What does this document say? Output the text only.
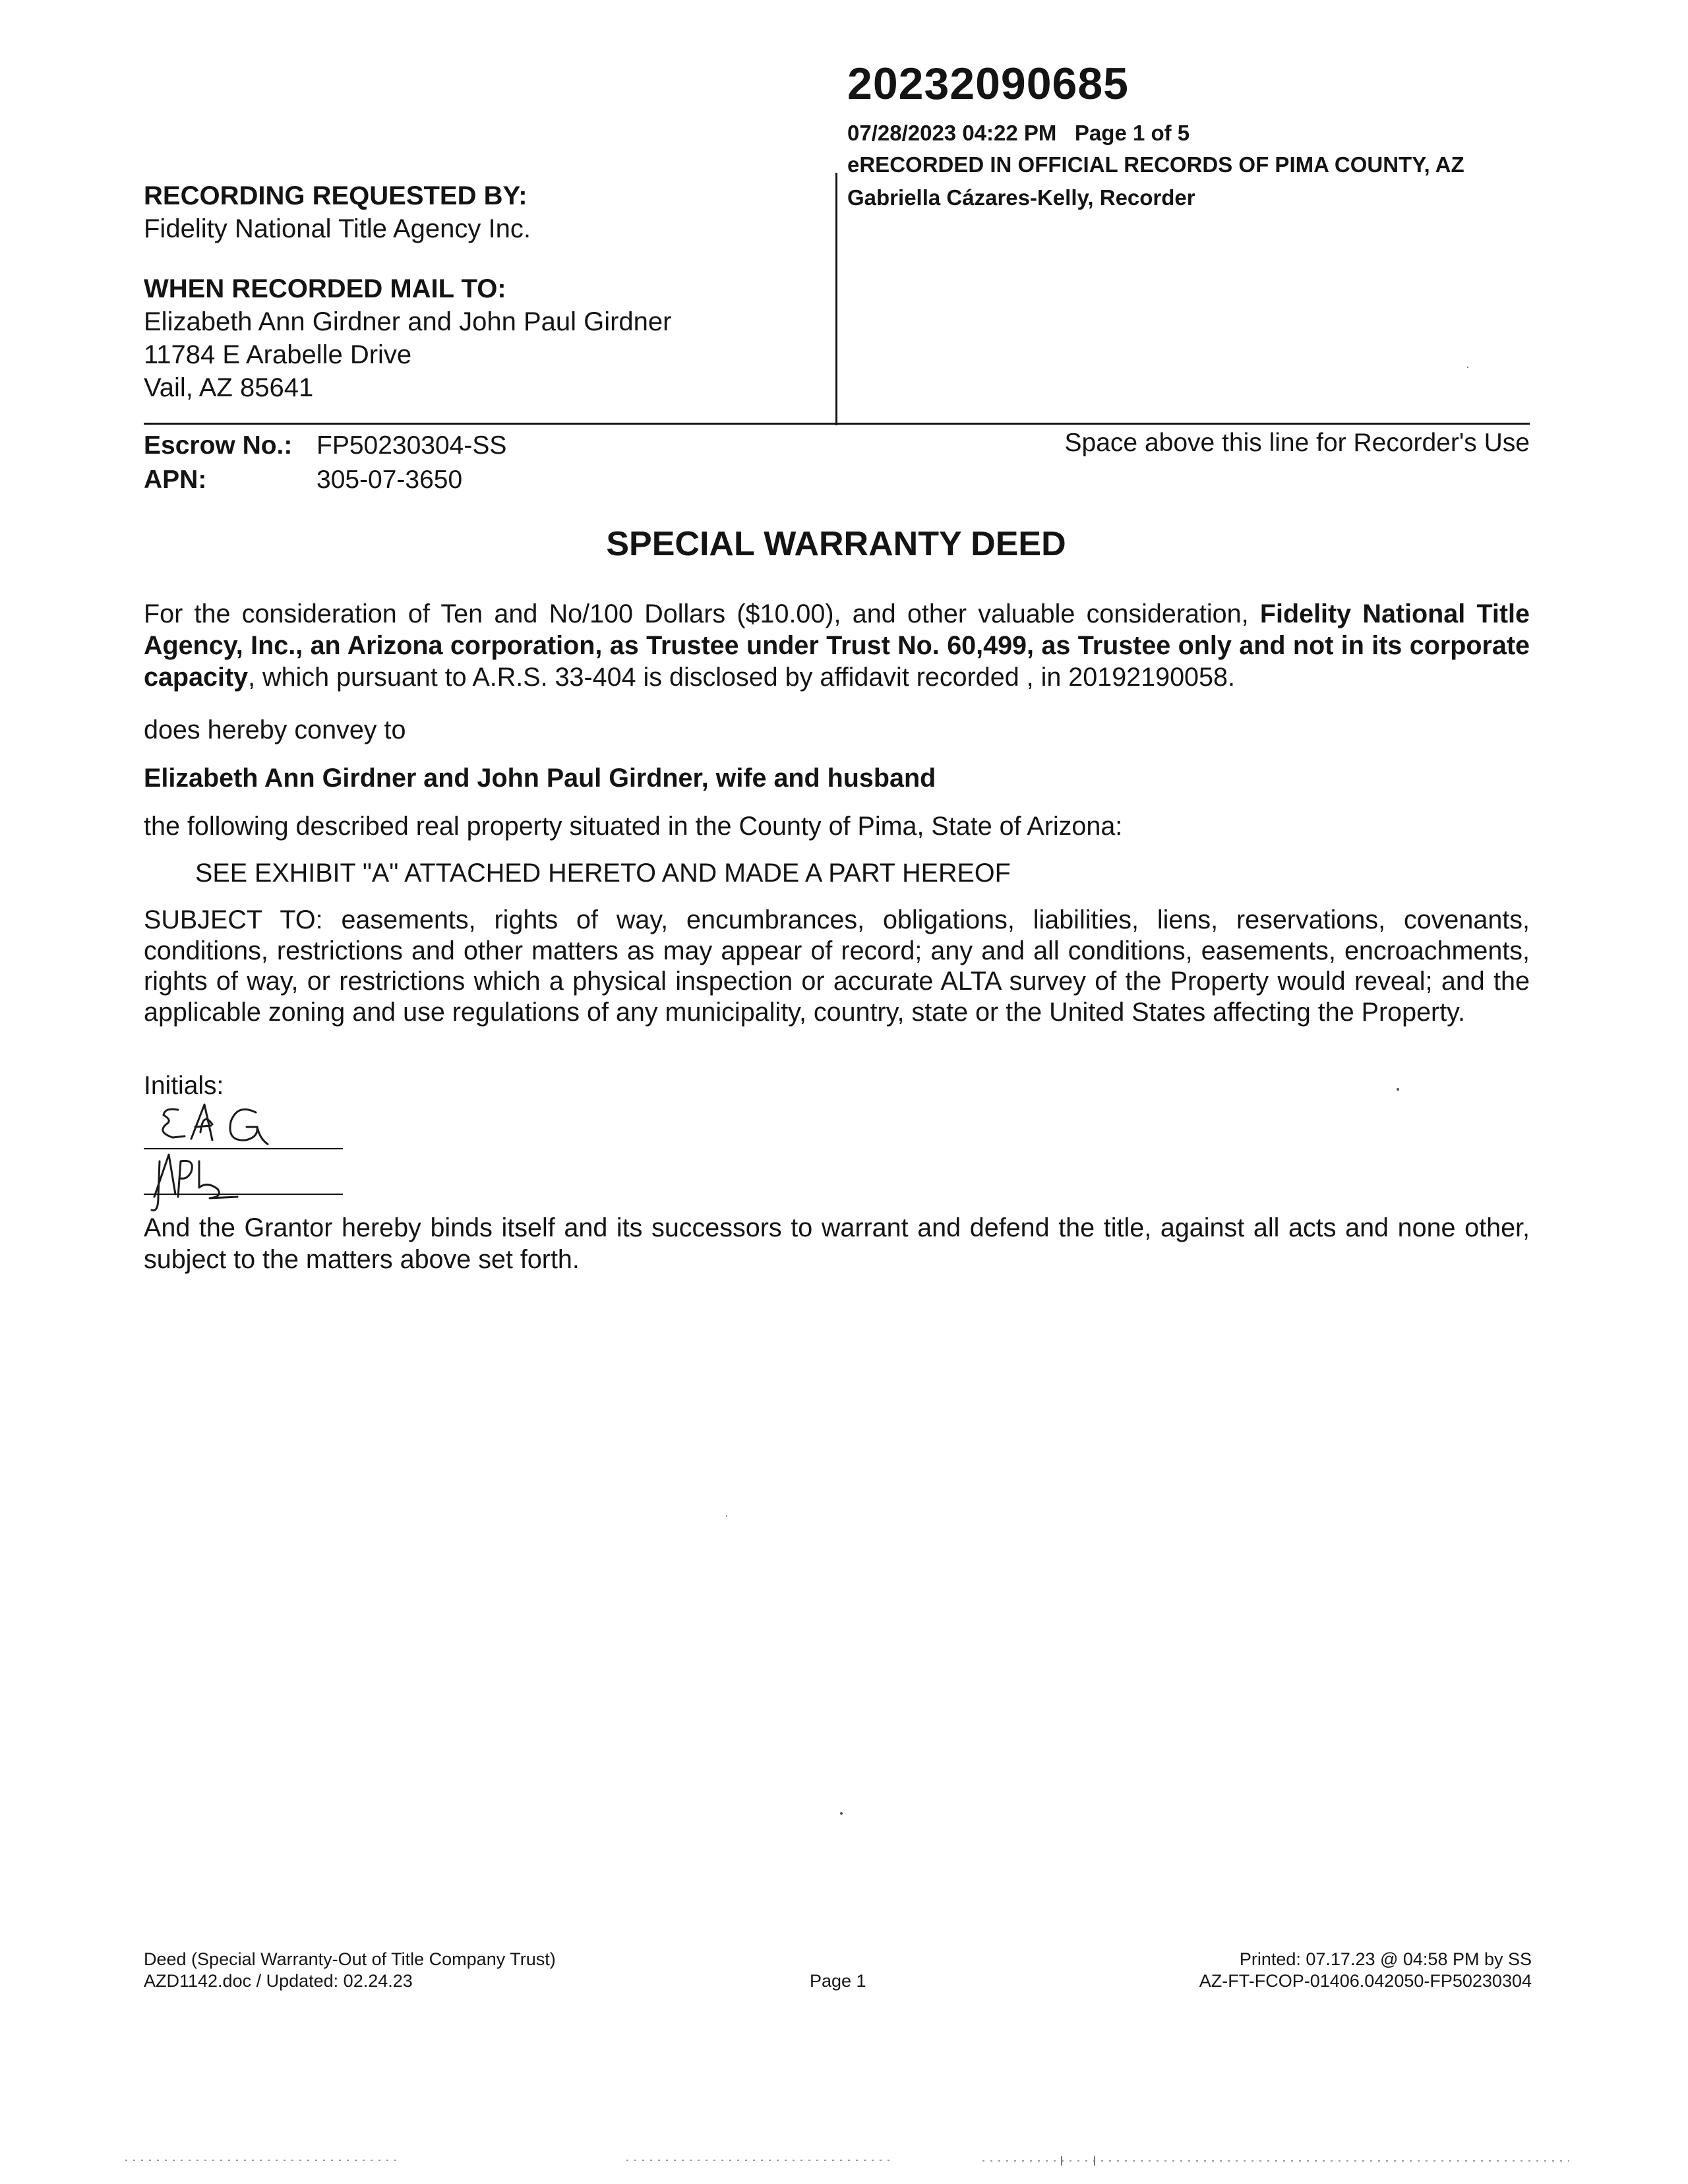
20232090685
07/28/2023 04:22 PM Page 1 of 5
eRECORDED IN OFFICIAL RECORDS OF PIMA COUNTY, AZ
Gabriella Cázares-Kelly, Recorder
RECORDING REQUESTED BY:
Fidelity National Title Agency Inc.
WHEN RECORDED MAIL TO:
Elizabeth Ann Girdner and John Paul Girdner
11784 E Arabelle Drive
Vail, AZ 85641
Escrow No.: FP50230304-SS
APN:	305-07-3650
Space above this line for Recorder's Use
SPECIAL WARRANTY DEED
For the consideration of Ten and No/100 Dollars ($10.00), and other valuable consideration, Fidelity National Title Agency, Inc., an Arizona corporation, as Trustee under Trust No. 60,499, as Trustee only and not in its corporate capacity, which pursuant to A.R.S. 33-404 is disclosed by affidavit recorded , in 20192190058.
does hereby convey to
Elizabeth Ann Girdner and John Paul Girdner, wife and husband
the following described real property situated in the County of Pima, State of Arizona:
SEE EXHIBIT "A" ATTACHED HERETO AND MADE A PART HEREOF
SUBJECT TO: easements, rights of way, encumbrances, obligations, liabilities, liens, reservations, covenants, conditions, restrictions and other matters as may appear of record; any and all conditions, easements, encroachments, rights of way, or restrictions which a physical inspection or accurate ALTA survey of the Property would reveal; and the applicable zoning and use regulations of any municipality, country, state or the United States affecting the Property.
Initials:
And the Grantor hereby binds itself and its successors to warrant and defend the title, against all acts and none other, subject to the matters above set forth.
Deed (Special Warranty-Out of Title Company Trust)
AZD1142.doc / Updated: 02.24.23	Page 1
Printed: 07.17.23 @ 04:58 PM by SS
AZ-FT-FCOP-01406.042050-FP50230304
